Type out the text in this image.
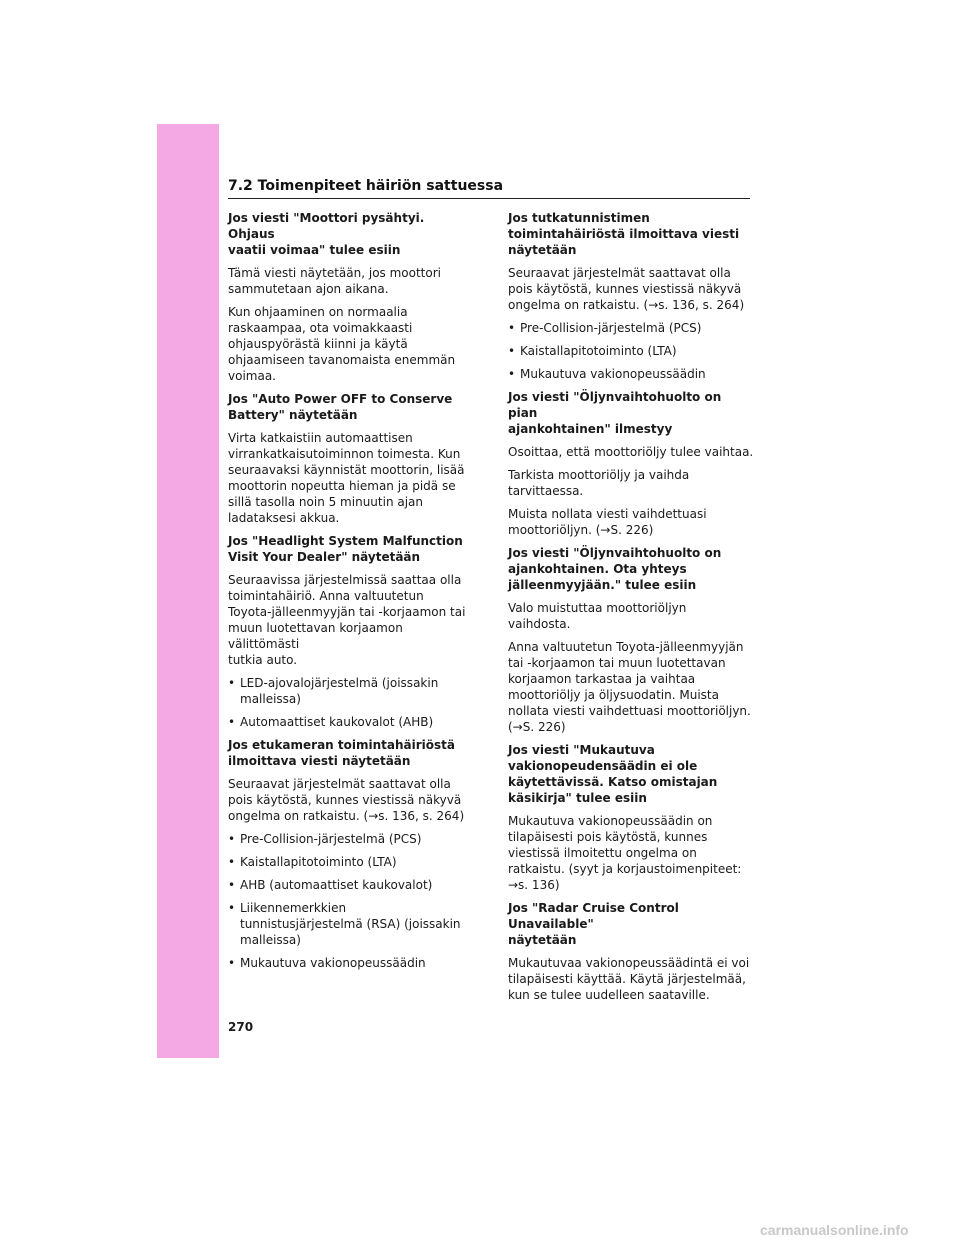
7.2 Toimenpiteet häiriön sattuessa
Jos viesti "Moottori pysähtyi. Ohjaus
vaatii voimaa" tulee esiin
Tämä viesti näytetään, jos moottori
sammutetaan ajon aikana.
Kun ohjaaminen on normaalia
raskaampaa, ota voimakkaasti
ohjauspyörästä kiinni ja käytä
ohjaamiseen tavanomaista enemmän
voimaa.
Jos "Auto Power OFF to Conserve
Battery" näytetään
Virta katkaistiin automaattisen
virrankatkaisutoiminnon toimesta. Kun
seuraavaksi käynnistät moottorin, lisää
moottorin nopeutta hieman ja pidä se
sillä tasolla noin 5 minuutin ajan
ladataksesi akkua.
Jos "Headlight System Malfunction
Visit Your Dealer" näytetään
Seuraavissa järjestelmissä saattaa olla
toimintahäiriö. Anna valtuutetun
Toyota-jälleenmyyjän tai -korjaamon tai
muun luotettavan korjaamon välittömästi
tutkia auto.
• LED-ajovalojärjestelmä (joissakin
malleissa)
• Automaattiset kaukovalot (AHB)
Jos etukameran toimintahäiriöstä
ilmoittava viesti näytetään
Seuraavat järjestelmät saattavat olla
pois käytöstä, kunnes viestissä näkyvä
ongelma on ratkaistu. (→s. 136, s. 264)
• Pre-Collision-järjestelmä (PCS)
• Kaistallapitotoiminto (LTA)
• AHB (automaattiset kaukovalot)
• Liikennemerkkien
tunnistusjärjestelmä (RSA) (joissakin
malleissa)
• Mukautuva vakionopeussäädin
Jos tutkatunnistimen
toimintahäiriöstä ilmoittava viesti
näytetään
Seuraavat järjestelmät saattavat olla
pois käytöstä, kunnes viestissä näkyvä
ongelma on ratkaistu. (→s. 136, s. 264)
• Pre-Collision-järjestelmä (PCS)
• Kaistallapitotoiminto (LTA)
• Mukautuva vakionopeussäädin
Jos viesti "Öljynvaihtohuolto on pian
ajankohtainen" ilmestyy
Osoittaa, että moottoriöljy tulee vaihtaa.
Tarkista moottoriöljy ja vaihda
tarvittaessa.
Muista nollata viesti vaihdettuasi
moottoriöljyn. (→S. 226)
Jos viesti "Öljynvaihtohuolto on
ajankohtainen. Ota yhteys
jälleenmyyjään." tulee esiin
Valo muistuttaa moottoriöljyn
vaihdosta.
Anna valtuutetun Toyota-jälleenmyyjän
tai -korjaamon tai muun luotettavan
korjaamon tarkastaa ja vaihtaa
moottoriöljy ja öljysuodatin. Muista
nollata viesti vaihdettuasi moottoriöljyn.
(→S. 226)
Jos viesti "Mukautuva
vakionopeudensäädin ei ole
käytettävissä. Katso omistajan
käsikirja" tulee esiin
Mukautuva vakionopeussäädin on
tilapäisesti pois käytöstä, kunnes
viestissä ilmoitettu ongelma on
ratkaistu. (syyt ja korjaustoimenpiteet:
→s. 136)
Jos "Radar Cruise Control Unavailable"
näytetään
Mukautuvaa vakionopeussäädintä ei voi
tilapäisesti käyttää. Käytä järjestelmää,
kun se tulee uudelleen saataville.
270
carmanualsonline.info
